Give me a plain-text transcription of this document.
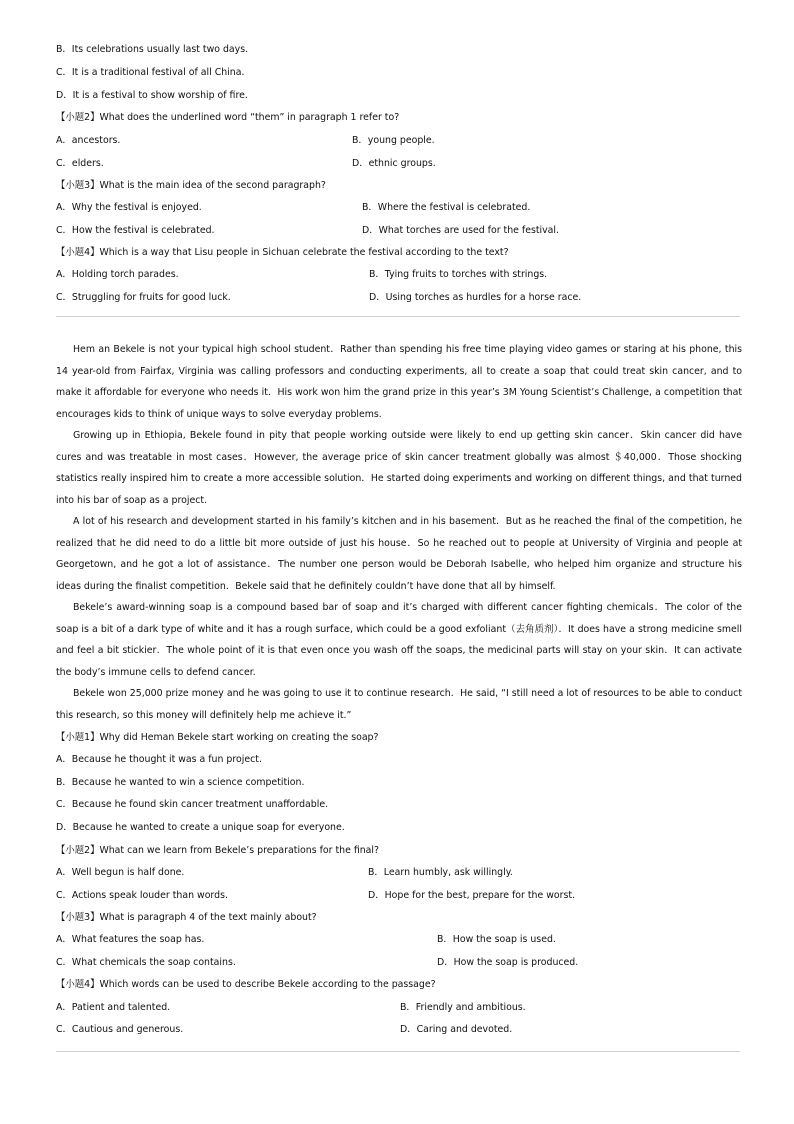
B．Its celebrations usually last two days.
C．It is a traditional festival of all China.
D．It is a festival to show worship of fire.
【小题2】What does the underlined word “them” in paragraph 1 refer to?
A．ancestors.	B．young people.
C．elders.	D．ethnic groups.
【小题3】What is the main idea of the second paragraph?
A．Why the festival is enjoyed.	B．Where the festival is celebrated.
C．How the festival is celebrated.	D．What torches are used for the festival.
【小题4】Which is a way that Lisu people in Sichuan celebrate the festival according to the text?
A．Holding torch parades.	B．Tying fruits to torches with strings.
C．Struggling for fruits for good luck.	D．Using torches as hurdles for a horse race.
Hem an Bekele is not your typical high school student．Rather than spending his free time playing video games or staring at his phone, this 14 year-old from Fairfax, Virginia was calling professors and conducting experiments, all to create a soap that could treat skin cancer, and to make it affordable for everyone who needs it．His work won him the grand prize in this year’s 3M Young Scientist’s Challenge, a competition that encourages kids to think of unique ways to solve everyday problems.
Growing up in Ethiopia, Bekele found in pity that people working outside were likely to end up getting skin cancer．Skin cancer did have cures and was treatable in most cases．However, the average price of skin cancer treatment globally was almost ＄40,000．Those shocking statistics really inspired him to create a more accessible solution．He started doing experiments and working on different things, and that turned into his bar of soap as a project.
A lot of his research and development started in his family’s kitchen and in his basement．But as he reached the final of the competition, he realized that he did need to do a little bit more outside of just his house．So he reached out to people at University of Virginia and people at Georgetown, and he got a lot of assistance．The number one person would be Deborah Isabelle, who helped him organize and structure his ideas during the finalist competition．Bekele said that he definitely couldn’t have done that all by himself.
Bekele’s award-winning soap is a compound based bar of soap and it’s charged with different cancer fighting chemicals．The color of the soap is a bit of a dark type of white and it has a rough surface, which could be a good exfoliant（去角质剂）．It does have a strong medicine smell and feel a bit stickier．The whole point of it is that even once you wash off the soaps, the medicinal parts will stay on your skin．It can activate the body’s immune cells to defend cancer.
Bekele won 25,000 prize money and he was going to use it to continue research．He said, “I still need a lot of resources to be able to conduct this research, so this money will definitely help me achieve it.”
【小题1】Why did Heman Bekele start working on creating the soap?
A．Because he thought it was a fun project.
B．Because he wanted to win a science competition.
C．Because he found skin cancer treatment unaffordable.
D．Because he wanted to create a unique soap for everyone.
【小题2】What can we learn from Bekele’s preparations for the final?
A．Well begun is half done.	B．Learn humbly, ask willingly.
C．Actions speak louder than words.	D．Hope for the best, prepare for the worst.
【小题3】What is paragraph 4 of the text mainly about?
A．What features the soap has.	B．How the soap is used.
C．What chemicals the soap contains.	D．How the soap is produced.
【小题4】Which words can be used to describe Bekele according to the passage?
A．Patient and talented.	B．Friendly and ambitious.
C．Cautious and generous.	D．Caring and devoted.
